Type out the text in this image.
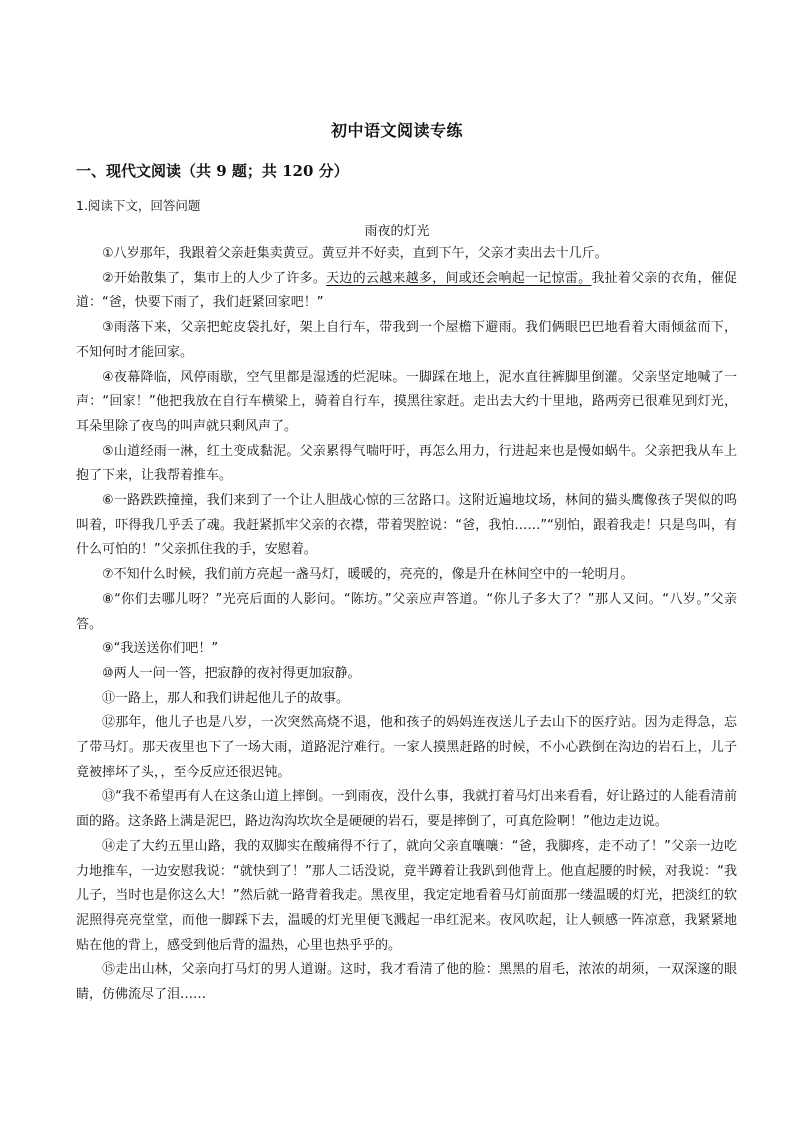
初中语文阅读专练
一、现代文阅读（共 9 题；共 120 分）
1.阅读下文，回答问题
雨夜的灯光

①八岁那年，我跟着父亲赶集卖黄豆。黄豆并不好卖，直到下午，父亲才卖出去十几斤。

②开始散集了，集市上的人少了许多。天边的云越来越多，间或还会响起一记惊雷。我扯着父亲的衣角，催促道：“爸，快要下雨了，我们赶紧回家吧！”

③雨落下来，父亲把蛇皮袋扎好，架上自行车，带我到一个屋檐下避雨。我们俩眼巴巴地看着大雨倾盆而下，不知何时才能回家。

④夜幕降临，风停雨歇，空气里都是湿透的烂泥味。一脚踩在地上，泥水直往裤脚里倒灌。父亲坚定地喊了一声：“回家！”他把我放在自行车横梁上，骑着自行车，摸黑往家赶。走出去大约十里地，路两旁已很难见到灯光，耳朵里除了夜鸟的叫声就只剩风声了。

⑤山道经雨一淋，红土变成黏泥。父亲累得气喘吁吁，再怎么用力，行进起来也是慢如蜗牛。父亲把我从车上抱了下来，让我帮着推车。

⑥一路跌跌撞撞，我们来到了一个让人胆战心惊的三岔路口。这附近遍地坟场，林间的猫头鹰像孩子哭似的呜叫着，吓得我几乎丢了魂。我赶紧抓牢父亲的衣襟，带着哭腔说：“爸，我怕……”“别怕，跟着我走！只是鸟叫，有什么可怕的！”父亲抓住我的手，安慰着。

⑦不知什么时候，我们前方亮起一盏马灯，暖暖的，亮亮的，像是升在林间空中的一轮明月。

⑧“你们去哪儿呀？”光亮后面的人影问。“陈坊。”父亲应声答道。“你儿子多大了？”那人又问。“八岁。”父亲答。

⑨“我送送你们吧！”

⑩两人一问一答，把寂静的夜衬得更加寂静。

⑪一路上，那人和我们讲起他儿子的故事。

⑫那年，他儿子也是八岁，一次突然高烧不退，他和孩子的妈妈连夜送儿子去山下的医疗站。因为走得急，忘了带马灯。那天夜里也下了一场大雨，道路泥泞难行。一家人摸黑赶路的时候，不小心跌倒在沟边的岩石上，儿子竟被摔坏了头，，至今反应还很迟钝。

⑬“我不希望再有人在这条山道上摔倒。一到雨夜，没什么事，我就打着马灯出来看看，好让路过的人能看清前面的路。这条路上满是泥巴，路边沟沟坎坎全是硬硬的岩石，要是摔倒了，可真危险啊！”他边走边说。

⑭走了大约五里山路，我的双脚实在酸痛得不行了，就向父亲直嚷嚷：“爸，我脚疼，走不动了！”父亲一边吃力地推车，一边安慰我说：“就快到了！”那人二话没说，竟半蹲着让我趴到他背上。他直起腰的时候，对我说：“我儿子，当时也是你这么大！”然后就一路背着我走。黑夜里，我定定地看着马灯前面那一缕温暖的灯光，把淡红的软泥照得亮亮堂堂，而他一脚踩下去，温暖的灯光里便飞溅起一串红泥来。夜风吹起，让人顿感一阵凉意，我紧紧地贴在他的背上，感受到他后背的温热，心里也热乎乎的。

⑮走出山林，父亲向打马灯的男人道谢。这时，我才看清了他的脸：黑黑的眉毛，浓浓的胡须，一双深邃的眼睛，仿佛流尽了泪……
